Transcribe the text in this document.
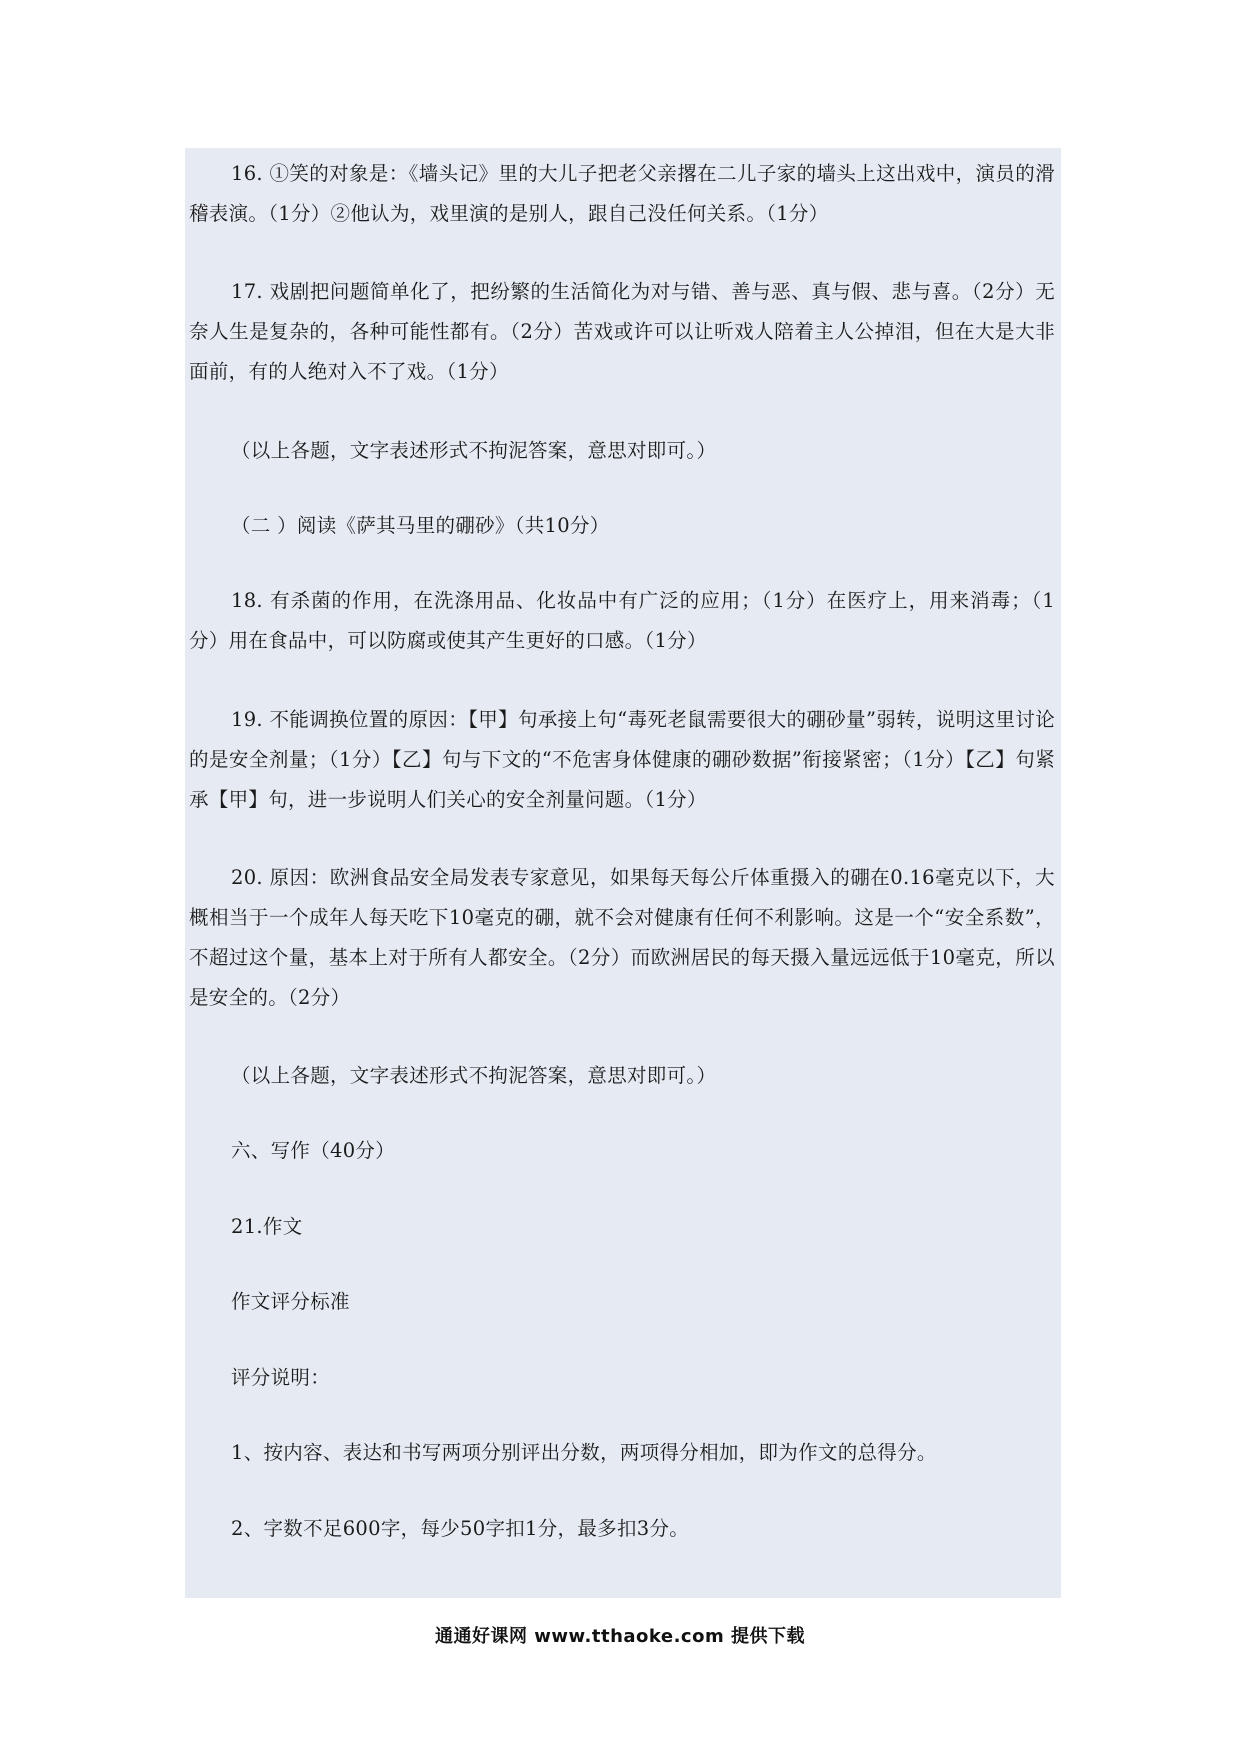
16. ①笑的对象是：《墙头记》里的大儿子把老父亲撂在二儿子家的墙头上这出戏中，演员的滑稽表演。（1分）②他认为，戏里演的是别人，跟自己没任何关系。（1分）

17. 戏剧把问题简单化了，把纷繁的生活简化为对与错、善与恶、真与假、悲与喜。（2分）无奈人生是复杂的，各种可能性都有。（2分）苦戏或许可以让听戏人陪着主人公掉泪，但在大是大非面前，有的人绝对入不了戏。（1分）

（以上各题，文字表述形式不拘泥答案，意思对即可。）

（二 ）阅读《萨其马里的硼砂》（共10分）

18. 有杀菌的作用，在洗涤用品、化妆品中有广泛的应用；（1分）在医疗上，用来消毒；（1分）用在食品中，可以防腐或使其产生更好的口感。（1分）

19. 不能调换位置的原因：【甲】句承接上句“毒死老鼠需要很大的硼砂量”弱转，说明这里讨论的是安全剂量；（1分）【乙】句与下文的“不危害身体健康的硼砂数据”衔接紧密；（1分）【乙】句紧承【甲】句，进一步说明人们关心的安全剂量问题。（1分）

20. 原因：欧洲食品安全局发表专家意见，如果每天每公斤体重摄入的硼在0.16毫克以下，大概相当于一个成年人每天吃下10毫克的硼，就不会对健康有任何不利影响。这是一个“安全系数”，不超过这个量，基本上对于所有人都安全。（2分）而欧洲居民的每天摄入量远远低于10毫克，所以是安全的。（2分）

（以上各题，文字表述形式不拘泥答案，意思对即可。）

六、写作（40分）

21.作文

作文评分标准

评分说明：

1、按内容、表达和书写两项分别评出分数，两项得分相加，即为作文的总得分。

2、字数不足600字，每少50字扣1分，最多扣3分。

通通好课网 www.tthaoke.com 提供下载
